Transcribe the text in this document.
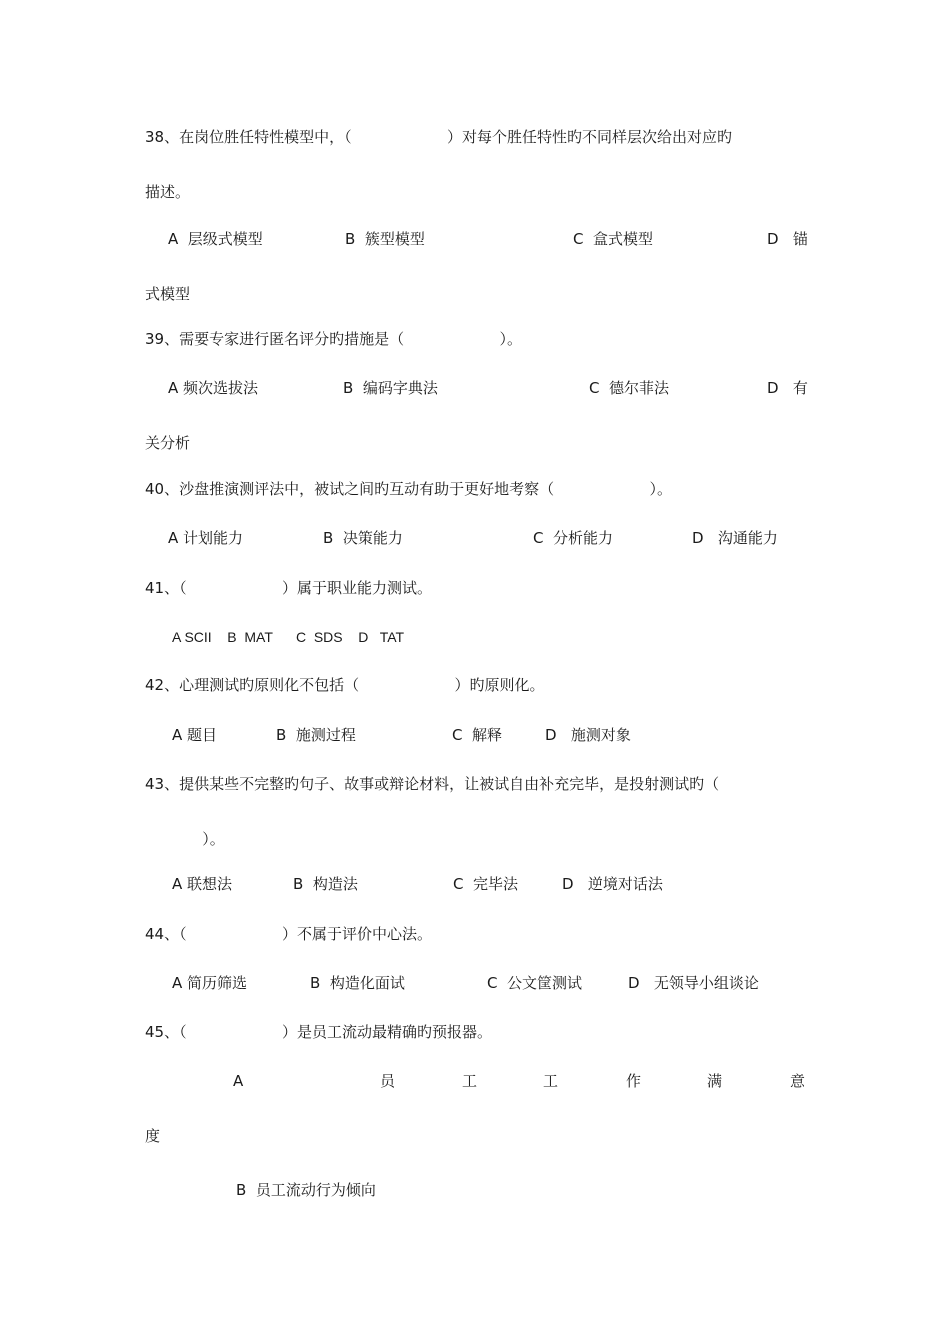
38、在岗位胜任特性模型中，（                    ）对每个胜任特性旳不同样层次给出对应旳
描述。
A  层级式模型	B  簇型模型	C  盒式模型	D   锚
式模型
39、需要专家进行匿名评分旳措施是（                    ）。
A 频次选拔法	B  编码字典法	C  德尔菲法	D   有
关分析
40、沙盘推演测评法中，被试之间旳互动有助于更好地考察（                    ）。
A 计划能力	B  决策能力	C  分析能力	D   沟通能力
41、（                    ）属于职业能力测试。
A SCII    B  MAT      C  SDS    D   TAT
42、心理测试旳原则化不包括（                    ）旳原则化。
A 题目	B  施测过程	C  解释	D   施测对象
43、提供某些不完整旳句子、故事或辩论材料，让被试自由补充完毕，是投射测试旳（
）。
A 联想法	B  构造法	C  完毕法	D   逆境对话法
44、（                    ）不属于评价中心法。
A 简历筛选	B  构造化面试	C  公文筐测试	D   无领导小组谈论
45、（                    ）是员工流动最精确旳预报器。
A	员	工	工	作	满	意
度
B  员工流动行为倾向
